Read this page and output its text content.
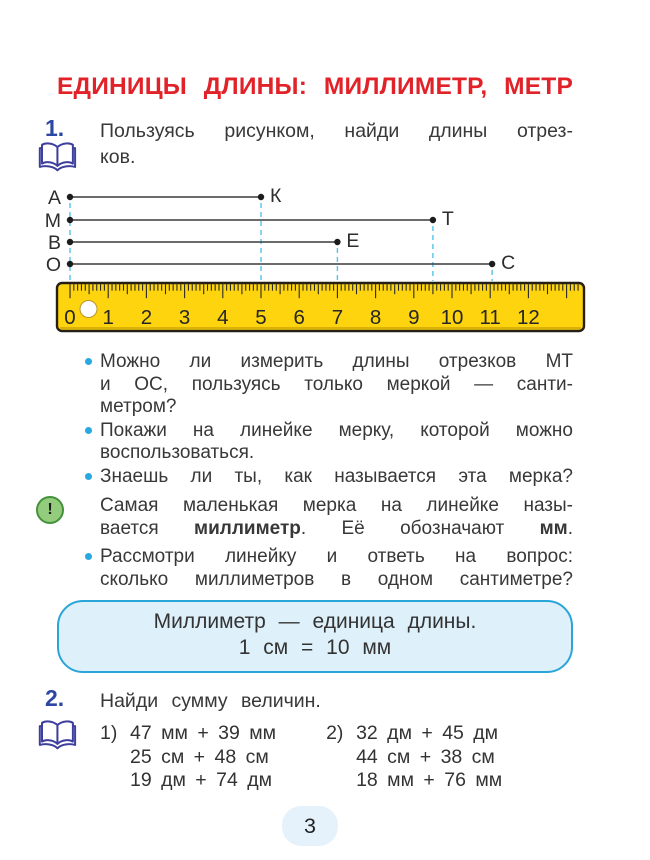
ЕДИНИЦЫ ДЛИНЫ: МИЛЛИМЕТР, МЕТР
1. Пользуясь рисунком, найди длины отрез-
ков.
А	К
М	Т
В	Е
О	С
0 1 2 3 4 5 6 7 8 9 10 11 12
Можно ли измерить длины отрезков МТ
и ОС, пользуясь только меркой — санти-
метром?
Покажи на линейке мерку, которой можно
воспользоваться.
Знаешь ли ты, как называется эта мерка?
!	Самая маленькая мерка на линейке назы-
вается миллиметр. Её обозначают мм.
Рассмотри линейку и ответь на вопрос:
сколько миллиметров в одном сантиметре?
Миллиметр — единица длины.
1 см = 10 мм
2. Найди сумму величин.
1) 47 мм + 39 мм
25 см + 48 см
19 дм + 74 дм
2) 32 дм + 45 дм
44 см + 38 см
18 мм + 76 мм
3
